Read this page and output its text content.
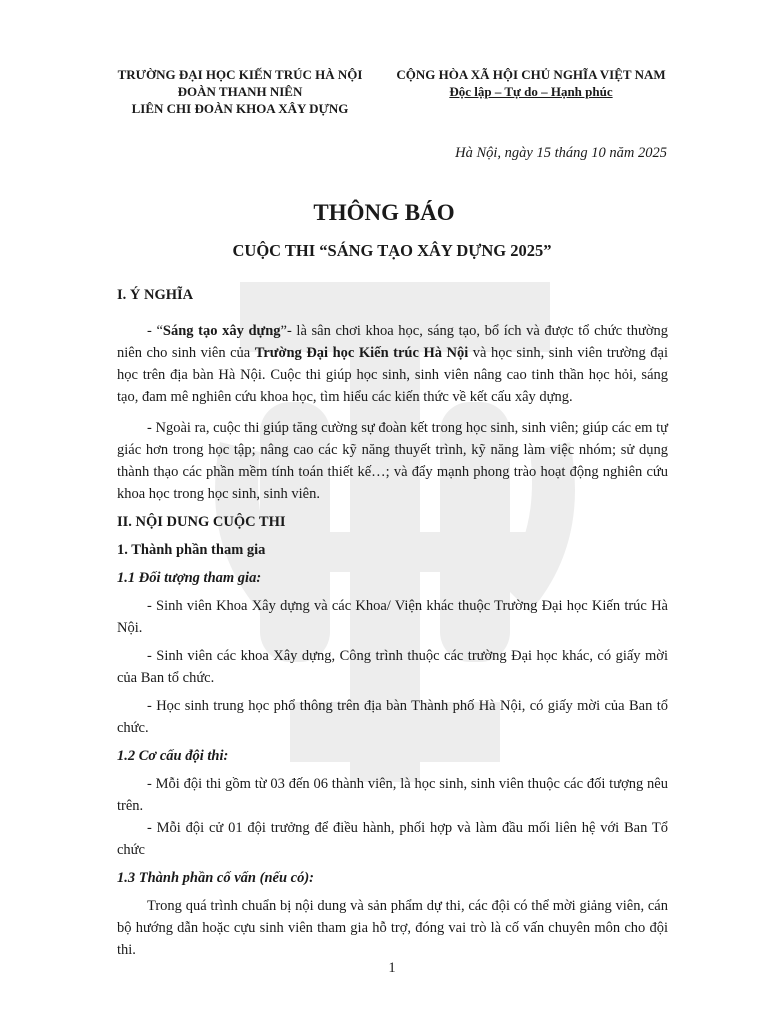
TRƯỜNG ĐẠI HỌC KIẾN TRÚC HÀ NỘI
ĐOÀN THANH NIÊN
LIÊN CHI ĐOÀN KHOA XÂY DỰNG
CỘNG HÒA XÃ HỘI CHỦ NGHĨA VIỆT NAM
Độc lập – Tự do – Hạnh phúc
Hà Nội, ngày 15 tháng 10 năm 2025
THÔNG BÁO
CUỘC THI “SÁNG TẠO XÂY DỰNG 2025”

I. Ý NGHĨA

- “Sáng tạo xây dựng”- là sân chơi khoa học, sáng tạo, bổ ích và được tổ chức thường niên cho sinh viên của Trường Đại học Kiến trúc Hà Nội và học sinh, sinh viên trường đại học trên địa bàn Hà Nội. Cuộc thi giúp học sinh, sinh viên nâng cao tinh thần học hỏi, sáng tạo, đam mê nghiên cứu khoa học, tìm hiểu các kiến thức về kết cấu xây dựng.

- Ngoài ra, cuộc thi giúp tăng cường sự đoàn kết trong học sinh, sinh viên; giúp các em tự giác hơn trong học tập; nâng cao các kỹ năng thuyết trình, kỹ năng làm việc nhóm; sử dụng thành thạo các phần mềm tính toán thiết kế…; và đẩy mạnh phong trào hoạt động nghiên cứu khoa học trong học sinh, sinh viên.

II. NỘI DUNG CUỘC THI

1. Thành phần tham gia

1.1 Đối tượng tham gia:

- Sinh viên Khoa Xây dựng và các Khoa/ Viện khác thuộc Trường Đại học Kiến trúc Hà Nội.

- Sinh viên các khoa Xây dựng, Công trình thuộc các trường Đại học khác, có giấy mời của Ban tổ chức.

- Học sinh trung học phổ thông trên địa bàn Thành phố Hà Nội, có giấy mời của Ban tổ chức.

1.2 Cơ cấu đội thi:

- Mỗi đội thi gồm từ 03 đến 06 thành viên, là học sinh, sinh viên thuộc các đối tượng nêu trên.

- Mỗi đội cử 01 đội trưởng để điều hành, phối hợp và làm đầu mối liên hệ với Ban Tổ chức

1.3 Thành phần cố vấn (nếu có):

Trong quá trình chuẩn bị nội dung và sản phẩm dự thi, các đội có thể mời giảng viên, cán bộ hướng dẫn hoặc cựu sinh viên tham gia hỗ trợ, đóng vai trò là cố vấn chuyên môn cho đội thi.

1
